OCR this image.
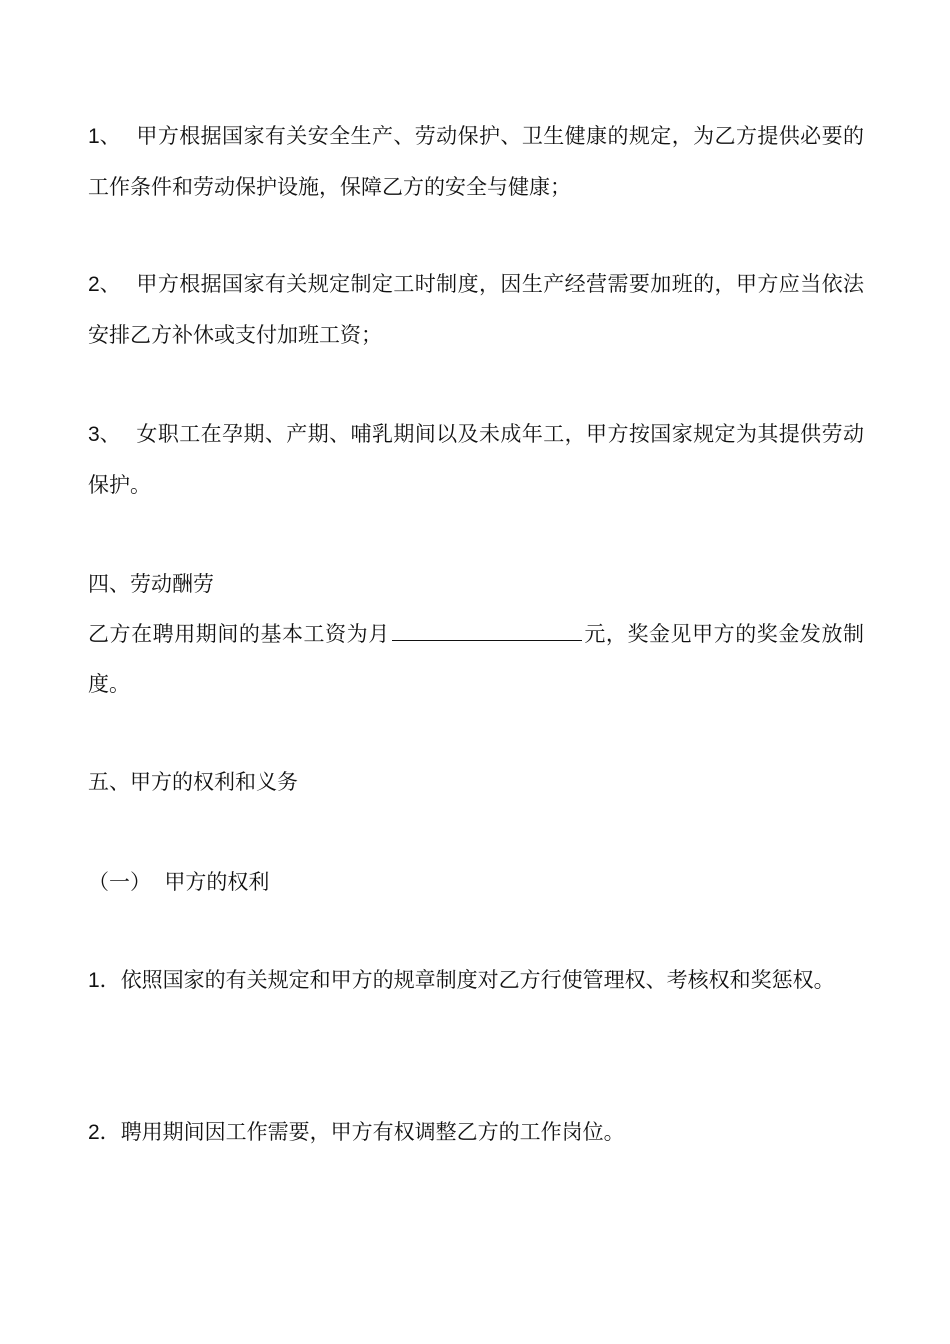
1、 甲方根据国家有关安全生产、劳动保护、卫生健康的规定，为乙方提供必要的工作条件和劳动保护设施，保障乙方的安全与健康；

2、 甲方根据国家有关规定制定工时制度，因生产经营需要加班的，甲方应当依法安排乙方补休或支付加班工资；

3、 女职工在孕期、产期、哺乳期间以及未成年工，甲方按国家规定为其提供劳动保护。

四、劳动酬劳

乙方在聘用期间的基本工资为月	元，奖金见甲方的奖金发放制度。

五、甲方的权利和义务

（一）  甲方的权利

1．依照国家的有关规定和甲方的规章制度对乙方行使管理权、考核权和奖惩权。

2．聘用期间因工作需要，甲方有权调整乙方的工作岗位。
